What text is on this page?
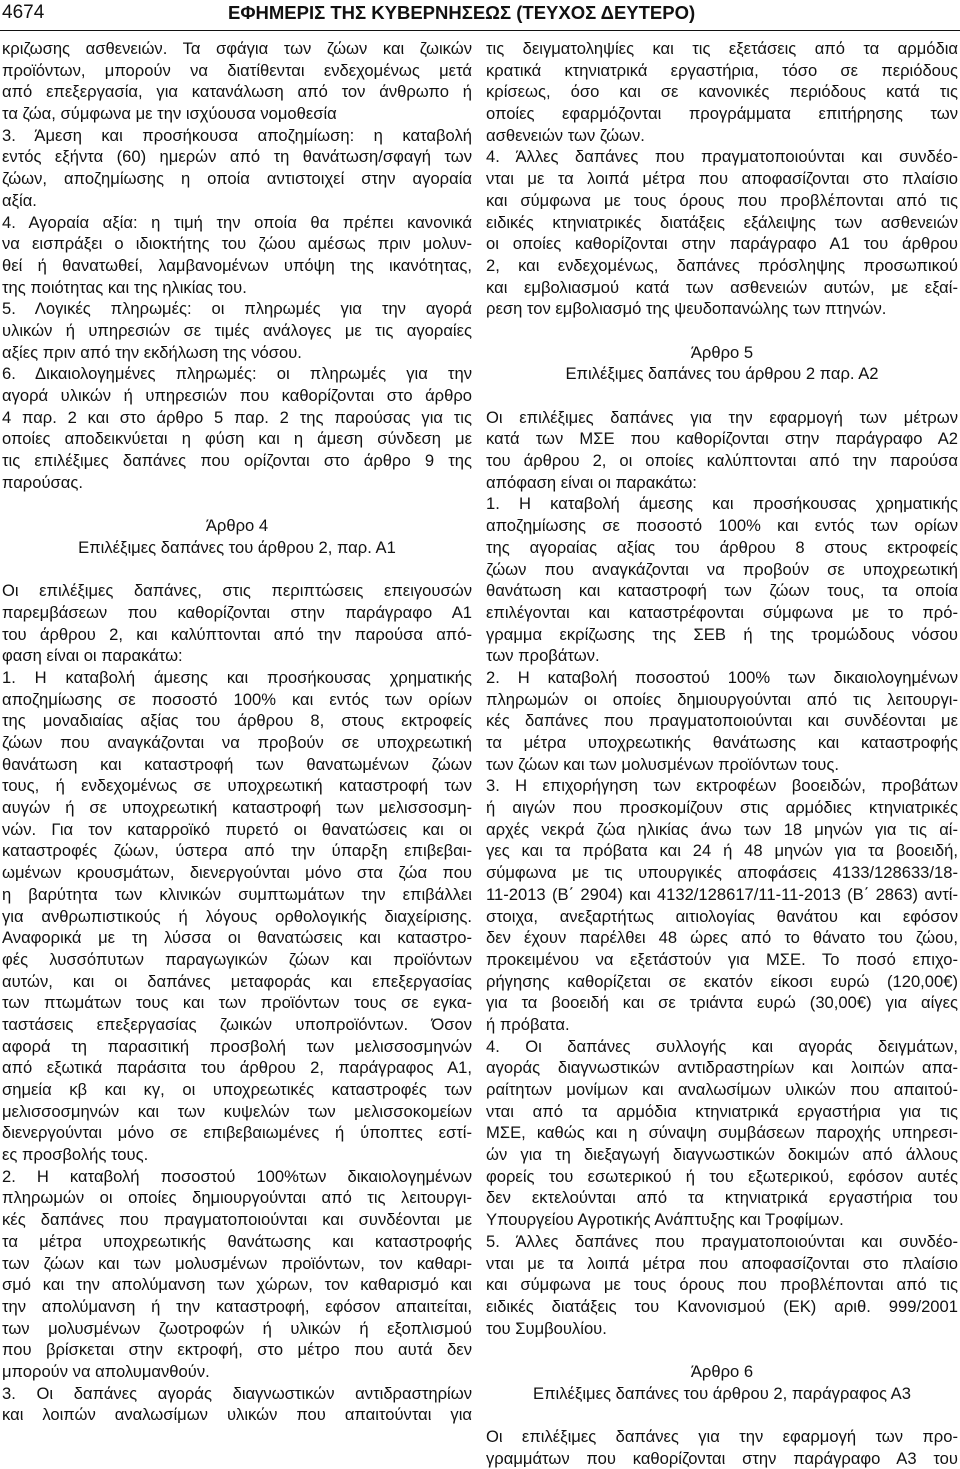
4674	ΕΦΗΜΕΡΙΣ ΤΗΣ ΚΥΒΕΡΝΗΣΕΩΣ (ΤΕΥΧΟΣ ΔΕΥΤΕΡΟ)
κριζωσης ασθενειών. Τα σφάγια των ζώων και ζωικών
προϊόντων, μπορούν να διατίθενται ενδεχομένως μετά
από επεξεργασία, για κατανάλωση από τον άνθρωπο ή
τα ζώα, σύμφωνα με την ισχύουσα νομοθεσία
3. Άμεση και προσήκουσα αποζημίωση: η καταβολή
εντός εξήντα (60) ημερών από τη θανάτωση/σφαγή των
ζώων, αποζημίωσης η οποία αντιστοιχεί στην αγοραία
αξία.
4. Αγοραία αξία: η τιμή την οποία θα πρέπει κανονικά
να εισπράξει ο ιδιοκτήτης του ζώου αμέσως πριν μολυν-
θεί ή θανατωθεί, λαμβανομένων υπόψη της ικανότητας,
της ποιότητας και της ηλικίας του.
5. Λογικές πληρωμές: οι πληρωμές για την αγορά
υλικών ή υπηρεσιών σε τιμές ανάλογες με τις αγοραίες
αξίες πριν από την εκδήλωση της νόσου.
6. Δικαιολογημένες πληρωμές: οι πληρωμές για την
αγορά υλικών ή υπηρεσιών που καθορίζονται στο άρθρο
4 παρ. 2 και στο άρθρο 5 παρ. 2 της παρούσας για τις
οποίες αποδεικνύεται η φύση και η άμεση σύνδεση με
τις επιλέξιμες δαπάνες που ορίζονται στο άρθρο 9 της
παρούσας.
Άρθρο 4
Επιλέξιμες δαπάνες του άρθρου 2, παρ. Α1
Οι επιλέξιμες δαπάνες, στις περιπτώσεις επειγουσών
παρεμβάσεων που καθορίζονται στην παράγραφο Α1
του άρθρου 2, και καλύπτονται από την παρούσα από-
φαση είναι οι παρακάτω:
1. Η καταβολή άμεσης και προσήκουσας χρηματικής
αποζημίωσης σε ποσοστό 100% και εντός των ορίων
της μοναδιαίας αξίας του άρθρου 8, στους εκτροφείς
ζώων που αναγκάζονται να προβούν σε υποχρεωτική
θανάτωση και καταστροφή των θανατωμένων ζώων
τους, ή ενδεχομένως σε υποχρεωτική καταστροφή των
αυγών ή σε υποχρεωτική καταστροφή των μελισσοσμη-
νών. Για τον καταρροϊκό πυρετό οι θανατώσεις και οι
καταστροφές ζώων, ύστερα από την ύπαρξη επιβεβαι-
ωμένων κρουσμάτων, διενεργούνται μόνο στα ζώα που
η βαρύτητα των κλινικών συμπτωμάτων την επιβάλλει
για ανθρωπιστικούς ή λόγους ορθολογικής διαχείρισης.
Αναφορικά με τη λύσσα οι θανατώσεις και καταστρο-
φές λυσσόπυτων παραγωγικών ζώων και προϊόντων
αυτών, και οι δαπάνες μεταφοράς και επεξεργασίας
των πτωμάτων τους και των προϊόντων τους σε εγκα-
ταστάσεις επεξεργασίας ζωικών υποπροϊόντων. Όσον
αφορά τη παρασιτική προσβολή των μελισσοσμηνών
από εξωτικά παράσιτα του άρθρου 2, παράγραφος Α1,
σημεία κβ και κγ, οι υποχρεωτικές καταστροφές των
μελισσοσμηνών και των κυψελών των μελισσοκομείων
διενεργούνται μόνο σε επιβεβαιωμένες ή ύποπτες εστί-
ες προσβολής τους.
2. Η καταβολή ποσοστού 100%των δικαιολογημένων
πληρωμών οι οποίες δημιουργούνται από τις λειτουργι-
κές δαπάνες που πραγματοποιούνται και συνδέονται με
τα μέτρα υποχρεωτικής θανάτωσης και καταστροφής
των ζώων και των μολυσμένων προϊόντων, τον καθαρι-
σμό και την απολύμανση των χώρων, τον καθαρισμό και
την απολύμανση ή την καταστροφή, εφόσον απαιτείται,
των μολυσμένων ζωοτροφών ή υλικών ή εξοπλισμού
που βρίσκεται στην εκτροφή, στο μέτρο που αυτά δεν
μπορούν να απολυμανθούν.
3. Οι δαπάνες αγοράς διαγνωστικών αντιδραστηρίων
και λοιπών αναλωσίμων υλικών που απαιτούνται για
τις δειγματοληψίες και τις εξετάσεις από τα αρμόδια
κρατικά κτηνιατρικά εργαστήρια, τόσο σε περιόδους
κρίσεως, όσο και σε κανονικές περιόδους κατά τις
οποίες εφαρμόζονται προγράμματα επιτήρησης των
ασθενειών των ζώων.
4. Άλλες δαπάνες που πραγματοποιούνται και συνδέο-
νται με τα λοιπά μέτρα που αποφασίζονται στο πλαίσιο
και σύμφωνα με τους όρους που προβλέπονται από τις
ειδικές κτηνιατρικές διατάξεις εξάλειψης των ασθενειών
οι οποίες καθορίζονται στην παράγραφο Α1 του άρθρου
2, και ενδεχομένως, δαπάνες πρόσληψης προσωπικού
και εμβολιασμού κατά των ασθενειών αυτών, με εξαί-
ρεση τον εμβολιασμό της ψευδοπανώλης των πτηνών.
Άρθρο 5
Επιλέξιμες δαπάνες του άρθρου 2 παρ. Α2
Οι επιλέξιμες δαπάνες για την εφαρμογή των μέτρων
κατά των ΜΣΕ που καθορίζονται στην παράγραφο Α2
του άρθρου 2, οι οποίες καλύπτονται από την παρούσα
απόφαση είναι οι παρακάτω:
1. Η καταβολή άμεσης και προσήκουσας χρηματικής
αποζημίωσης σε ποσοστό 100% και εντός των ορίων
της αγοραίας αξίας του άρθρου 8 στους εκτροφείς
ζώων που αναγκάζονται να προβούν σε υποχρεωτική
θανάτωση και καταστροφή των ζώων τους, τα οποία
επιλέγονται και καταστρέφονται σύμφωνα με το πρό-
γραμμα εκρίζωσης της ΣΕΒ ή της τρομώδους νόσου
των προβάτων.
2. Η καταβολή ποσοστού 100% των δικαιολογημένων
πληρωμών οι οποίες δημιουργούνται από τις λειτουργι-
κές δαπάνες που πραγματοποιούνται και συνδέονται με
τα μέτρα υποχρεωτικής θανάτωσης και καταστροφής
των ζώων και των μολυσμένων προϊόντων τους.
3. Η επιχορήγηση των εκτροφέων βοοειδών, προβάτων
ή αιγών που προσκομίζουν στις αρμόδιες κτηνιατρικές
αρχές νεκρά ζώα ηλικίας άνω των 18 μηνών για τις αί-
γες και τα πρόβατα και 24 ή 48 μηνών για τα βοοειδή,
σύμφωνα με τις υπουργικές αποφάσεις 4133/128633/18-
11-2013 (Β΄ 2904) και 4132/128617/11-11-2013 (Β΄ 2863) αντί-
στοιχα, ανεξαρτήτως αιτιολογίας θανάτου και εφόσον
δεν έχουν παρέλθει 48 ώρες από το θάνατο του ζώου,
προκειμένου να εξετάστούν για ΜΣΕ. Το ποσό επιχο-
ρήγησης καθορίζεται σε εκατόν είκοσι ευρώ (120,00€)
για τα βοοειδή και σε τριάντα ευρώ (30,00€) για αίγες
ή πρόβατα.
4. Οι δαπάνες συλλογής και αγοράς δειγμάτων,
αγοράς διαγνωστικών αντιδραστηρίων και λοιπών απα-
ραίτητων μονίμων και αναλωσίμων υλικών που απαιτού-
νται από τα αρμόδια κτηνιατρικά εργαστήρια για τις
ΜΣΕ, καθώς και η σύναψη συμβάσεων παροχής υπηρεσι-
ών για τη διεξαγωγή διαγνωστικών δοκιμών από άλλους
φορείς του εσωτερικού ή του εξωτερικού, εφόσον αυτές
δεν εκτελούνται από τα κτηνιατρικά εργαστήρια του
Υπουργείου Αγροτικής Ανάπτυξης και Τροφίμων.
5. Άλλες δαπάνες που πραγματοποιούνται και συνδέο-
νται με τα λοιπά μέτρα που αποφασίζονται στο πλαίσιο
και σύμφωνα με τους όρους που προβλέπονται από τις
ειδικές διατάξεις του Κανονισμού (ΕΚ) αριθ. 999/2001
του Συμβουλίου.
Άρθρο 6
Επιλέξιμες δαπάνες του άρθρου 2, παράγραφος Α3
Οι επιλέξιμες δαπάνες για την εφαρμογή των προ-
γραμμάτων που καθορίζονται στην παράγραφο Α3 του
